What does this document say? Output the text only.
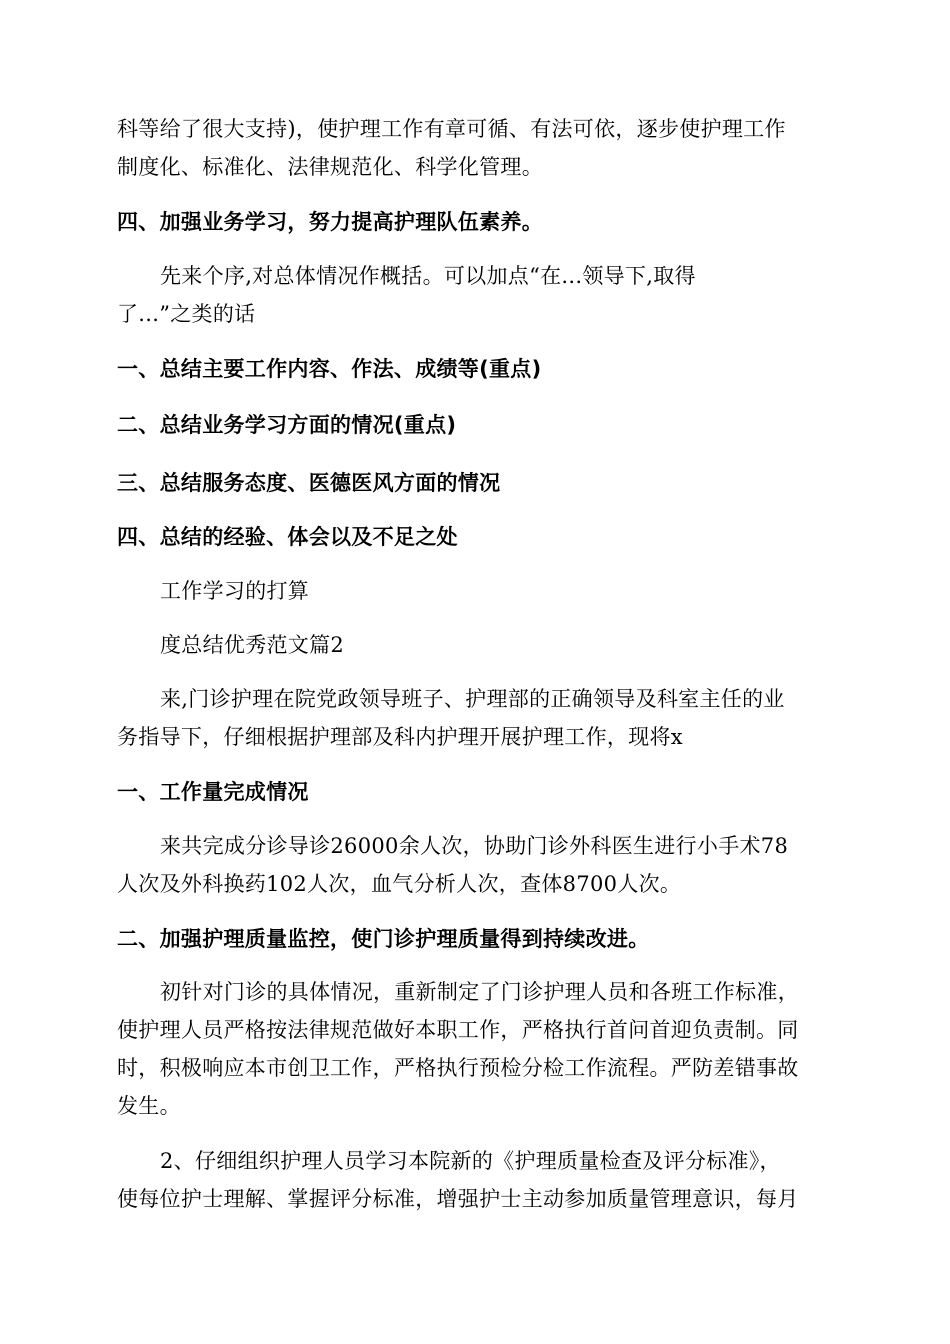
科等给了很大支持)，使护理工作有章可循、有法可依，逐步使护理工作
制度化、标准化、法律规范化、科学化管理。
四、加强业务学习，努力提高护理队伍素养。
先来个序,对总体情况作概括。可以加点“在...领导下,取得
了...”之类的话
一、总结主要工作内容、作法、成绩等(重点)
二、总结业务学习方面的情况(重点)
三、总结服务态度、医德医风方面的情况
四、总结的经验、体会以及不足之处
工作学习的打算
度总结优秀范文篇2
来,门诊护理在院党政领导班子、护理部的正确领导及科室主任的业
务指导下，仔细根据护理部及科内护理开展护理工作，现将x
一、工作量完成情况
来共完成分诊导诊26000余人次，协助门诊外科医生进行小手术78
人次及外科换药102人次，血气分析人次，查体8700人次。
二、加强护理质量监控，使门诊护理质量得到持续改进。
初针对门诊的具体情况，重新制定了门诊护理人员和各班工作标准，
使护理人员严格按法律规范做好本职工作，严格执行首问首迎负责制。同
时，积极响应本市创卫工作，严格执行预检分检工作流程。严防差错事故
发生。
2、仔细组织护理人员学习本院新的《护理质量检查及评分标准》，
使每位护士理解、掌握评分标准，增强护士主动参加质量管理意识，每月
